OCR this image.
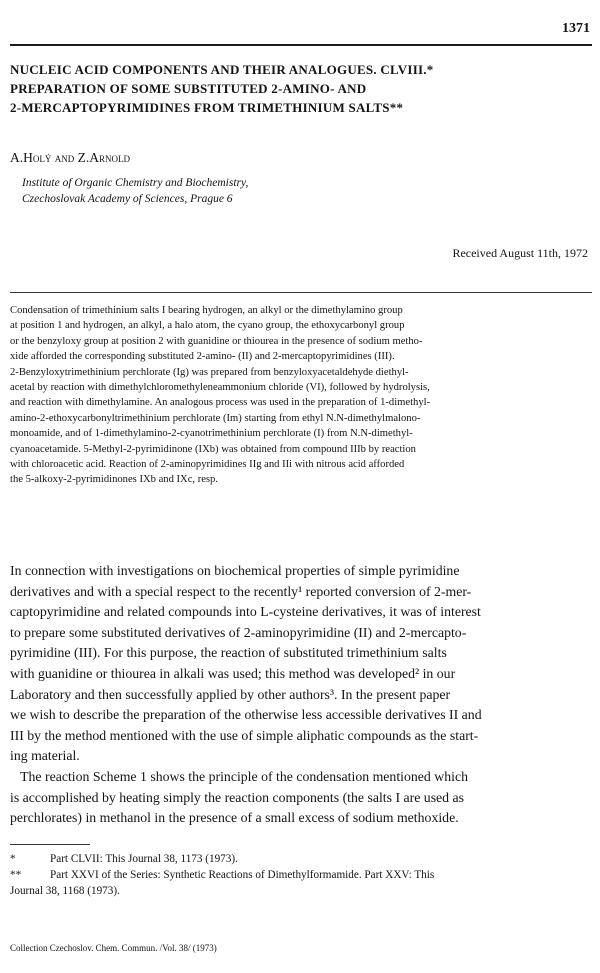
1371
NUCLEIC ACID COMPONENTS AND THEIR ANALOGUES. CLVIII.*
PREPARATION OF SOME SUBSTITUTED 2-AMINO- AND
2-MERCAPTOPYRIMIDINES FROM TRIMETHINIUM SALTS**
A.Holý and Z.Arnold
Institute of Organic Chemistry and Biochemistry,
Czechoslovak Academy of Sciences, Prague 6
Received August 11th, 1972
Condensation of trimethinium salts I bearing hydrogen, an alkyl or the dimethylamino group
at position 1 and hydrogen, an alkyl, a halo atom, the cyano group, the ethoxycarbonyl group
or the benzyloxy group at position 2 with guanidine or thiourea in the presence of sodium metho-
xide afforded the corresponding substituted 2-amino- (II) and 2-mercaptopyrimidines (III).
2-Benzyloxytrimethinium perchlorate (Ig) was prepared from benzyloxyacetaldehyde diethyl-
acetal by reaction with dimethylchloromethyleneammonium chloride (VI), followed by hydrolysis,
and reaction with dimethylamine. An analogous process was used in the preparation of 1-dimethyl-
amino-2-ethoxycarbonyltrimethinium perchlorate (Im) starting from ethyl N.N-dimethylmalono-
monoamide, and of 1-dimethylamino-2-cyanotrimethinium perchlorate (I) from N.N-dimethyl-
cyanoacetamide. 5-Methyl-2-pyrimidinone (IXb) was obtained from compound IIIb by reaction
with chloroacetic acid. Reaction of 2-aminopyrimidines IIg and IIi with nitrous acid afforded
the 5-alkoxy-2-pyrimidinones IXb and IXc, resp.
In connection with investigations on biochemical properties of simple pyrimidine
derivatives and with a special respect to the recently¹ reported conversion of 2-mer-
captopyrimidine and related compounds into L-cysteine derivatives, it was of interest
to prepare some substituted derivatives of 2-aminopyrimidine (II) and 2-mercapto-
pyrimidine (III). For this purpose, the reaction of substituted trimethinium salts
with guanidine or thiourea in alkali was used; this method was developed² in our
Laboratory and then successfully applied by other authors³. In the present paper
we wish to describe the preparation of the otherwise less accessible derivatives II and
III by the method mentioned with the use of simple aliphatic compounds as the start-
ing material.
The reaction Scheme 1 shows the principle of the condensation mentioned which
is accomplished by heating simply the reaction components (the salts I are used as
perchlorates) in methanol in the presence of a small excess of sodium methoxide.
*	Part CLVII: This Journal 38, 1173 (1973).
**	Part XXVI of the Series: Synthetic Reactions of Dimethylformamide. Part XXV: This
Journal 38, 1168 (1973).
Collection Czechoslov. Chem. Commun. /Vol. 38/ (1973)
